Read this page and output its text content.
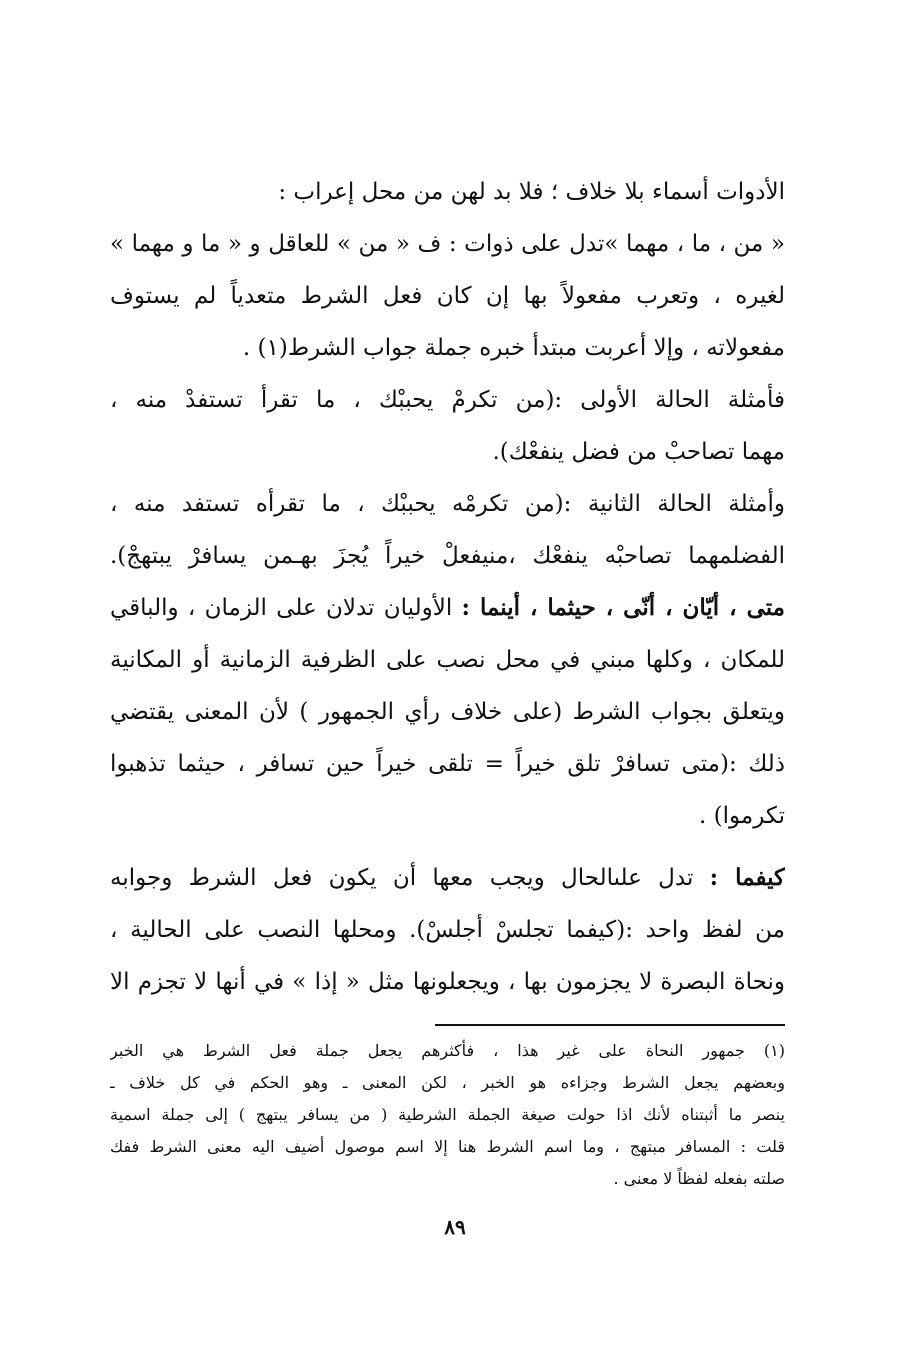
الأدوات أسماء بلا خلاف ؛ فلا بد لهن من محل إعراب :
« من ، ما ، مهما »تدل على ذوات : ف « من » للعاقل و « ما و مهما »
لغيره ، وتعرب مفعولاً بها إن كان فعل الشرط متعدياً لم يستوف
مفعولاته ، وإلا أعربت مبتدأ خبره جملة جواب الشرط(١) .
فأمثلة الحالة الأولى :(من تكرمْ يحببْك ، ما تقرأ تستفدْ منه ،
مهما تصاحبْ من فضل ينفعْك).
وأمثلة الحالة الثانية :(من تكرمْه يحببْك ، ما تقرأه تستفد منه ،
الفضلمهما تصاحبْه ينفعْك ،منيفعلْ خيراً يُجزَ بهـمن يسافرْ يبتهجْ).
متى ، أيّان ، أنّى ، حيثما ، أينما : الأوليان تدلان على الزمان ، والباقي
للمكان ، وكلها مبني في محل نصب على الظرفية الزمانية أو المكانية
ويتعلق بجواب الشرط (على خلاف رأي الجمهور ) لأن المعنى يقتضي
ذلك :(متى تسافرْ تلق خيراً = تلقى خيراً حين تسافر ، حيثما تذهبوا
تكرموا) .
كيفما : تدل علىالحال ويجب معها أن يكون فعل الشرط وجوابه
من لفظ واحد :(كيفما تجلسْ أجلسْ). ومحلها النصب على الحالية ،
ونحاة البصرة لا يجزمون بها ، ويجعلونها مثل « إذا » في أنها لا تجزم الا
(١) جمهور النحاة على غير هذا ، فأكثرهم يجعل جملة فعل الشرط هي الخبر
وبعضهم يجعل الشرط وجزاءه هو الخبر ، لكن المعنى ـ وهو الحكم في كل خلاف ـ
ينصر ما أثبتناه لأنك اذا حولت صيغة الجملة الشرطية ( من يسافر يبتهج ) إلى جملة اسمية
قلت : المسافر مبتهج ، وما اسم الشرط هنا إلا اسم موصول أضيف اليه معنى الشرط ففك
صلته بفعله لفظاً لا معنى .
٨٩
